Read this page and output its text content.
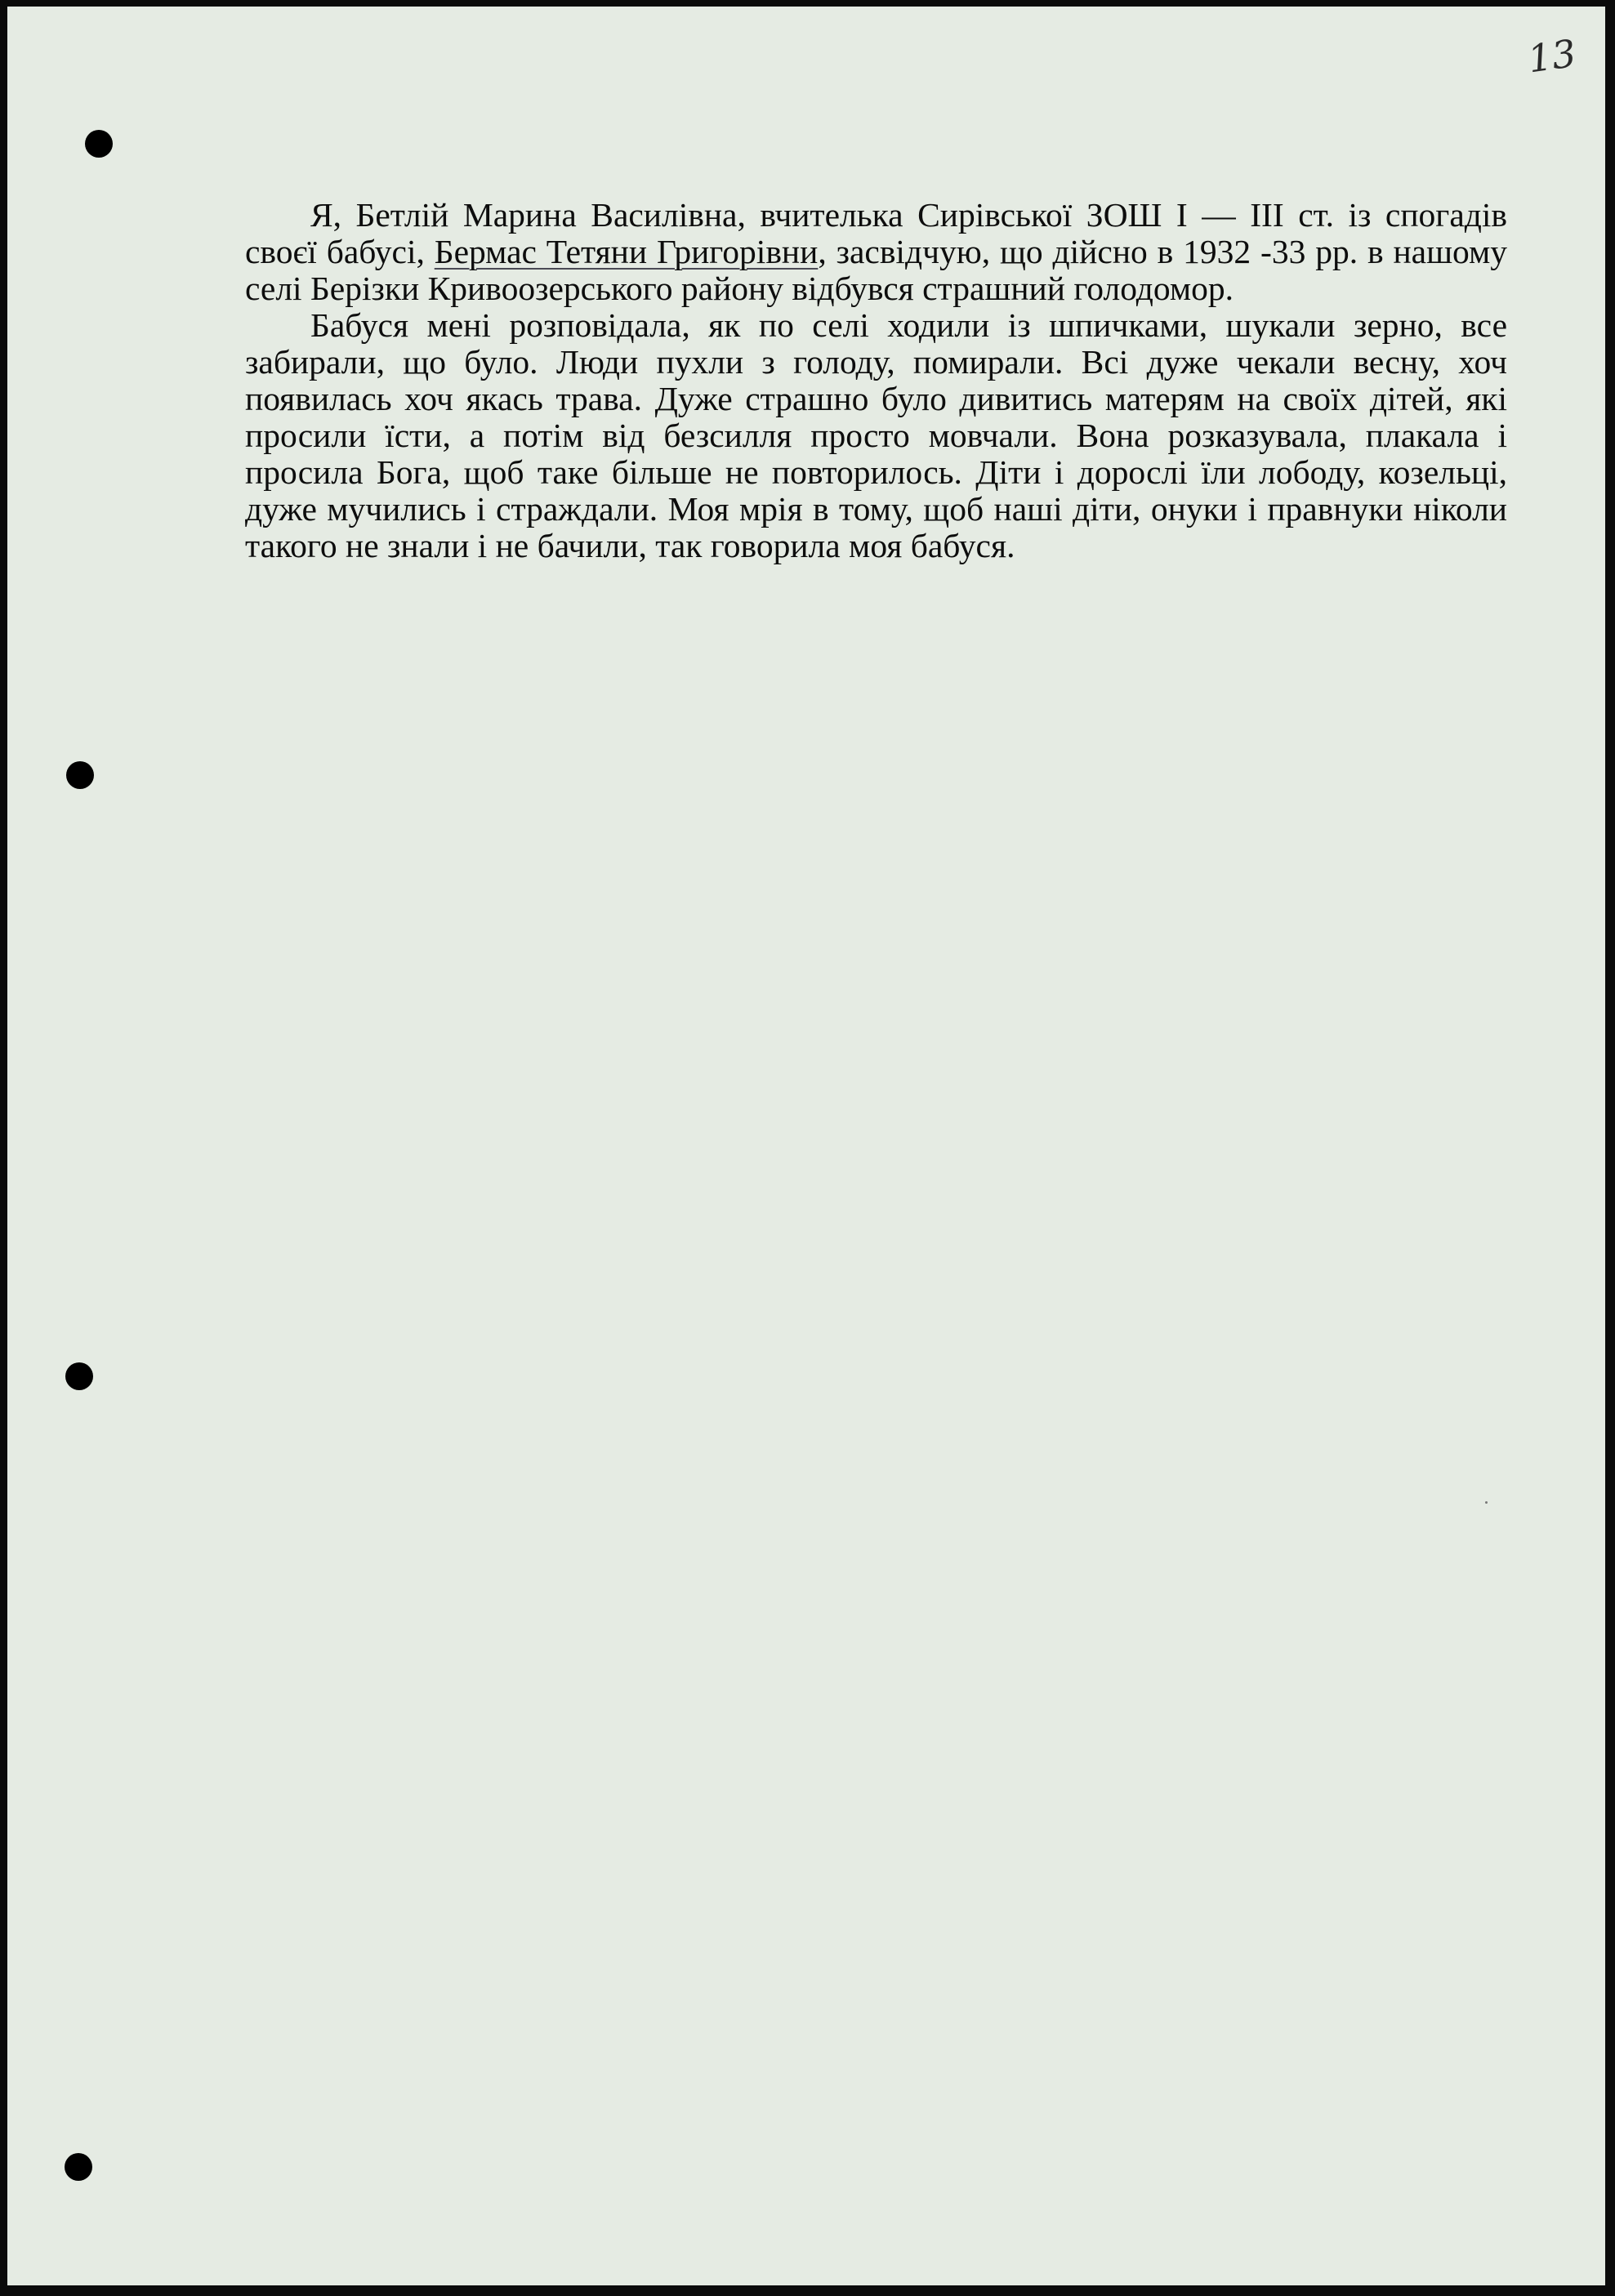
13

Я, Бетлій Марина Василівна, вчителька Сирівської ЗОШ І — ІІІ ст. із спогадів своєї бабусі, Бермас Тетяни Григорівни, засвідчую, що дійсно в 1932 -33 рр. в нашому селі Берізки Кривоозерського району відбувся страшний голодомор.

Бабуся мені розповідала, як по селі ходили із шпичками, шукали зерно, все забирали, що було. Люди пухли з голоду, помирали. Всі дуже чекали весну, хоч появилась хоч якась трава. Дуже страшно було дивитись матерям на своїх дітей, які просили їсти, а потім від безсилля просто мовчали. Вона розказувала, плакала і просила Бога, щоб таке більше не повторилось. Діти і дорослі їли лободу, козельці, дуже мучились і страждали. Моя мрія в тому, щоб наші діти, онуки і правнуки ніколи такого не знали і не бачили, так говорила моя бабуся.
